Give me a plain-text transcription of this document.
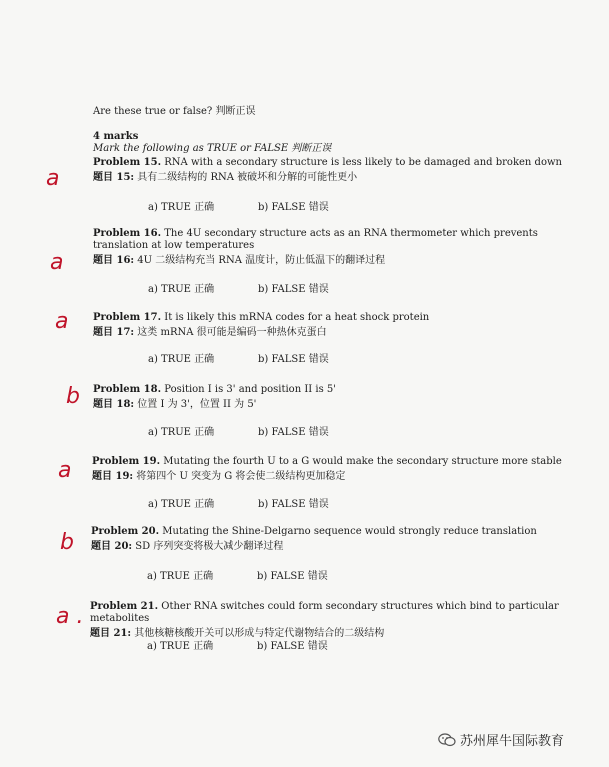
Are these true or false? 判断正误
4 marks
Mark the following as TRUE or FALSE 判断正误
a
Problem 15. RNA with a secondary structure is less likely to be damaged and broken down
题目 15: 具有二级结构的 RNA 被破坏和分解的可能性更小
a) TRUE 正确	b) FALSE 错误
a
Problem 16. The 4U secondary structure acts as an RNA thermometer which prevents translation at low temperatures
题目 16: 4U 二级结构充当 RNA 温度计，防止低温下的翻译过程
a) TRUE 正确	b) FALSE 错误
a Problem 17. It is likely this mRNA codes for a heat shock protein
题目 17: 这类 mRNA 很可能是编码一种热休克蛋白
a) TRUE 正确	b) FALSE 错误
b Problem 18. Position I is 3' and position II is 5'
题目 18: 位置 I 为 3'，位置 II 为 5'
a) TRUE 正确	b) FALSE 错误
a Problem 19. Mutating the fourth U to a G would make the secondary structure more stable
题目 19: 将第四个 U 突变为 G 将会使二级结构更加稳定
a) TRUE 正确	b) FALSE 错误
b Problem 20. Mutating the Shine-Delgarno sequence would strongly reduce translation
题目 20: SD 序列突变将极大减少翻译过程
a) TRUE 正确	b) FALSE 错误
a . Problem 21. Other RNA switches could form secondary structures which bind to particular metabolites
题目 21: 其他核糖核酸开关可以形成与特定代谢物结合的二级结构
a) TRUE 正确	b) FALSE 错误
苏州犀牛国际教育
